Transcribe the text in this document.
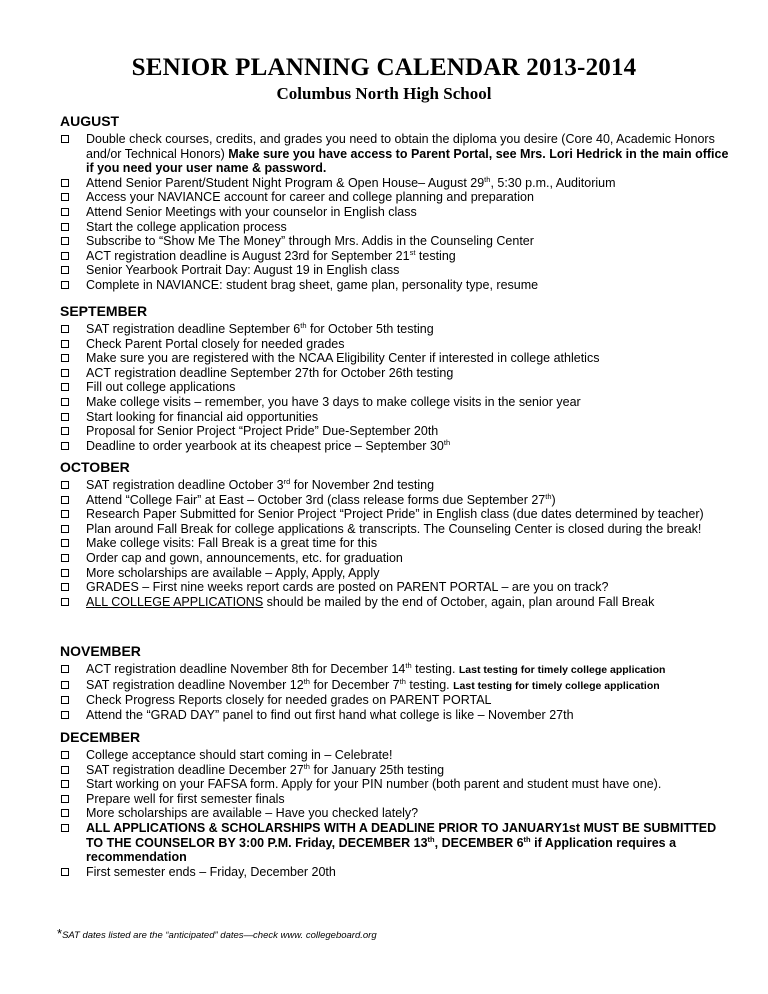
SENIOR PLANNING CALENDAR 2013-2014
Columbus North High School
AUGUST
Double check courses, credits, and grades you need to obtain the diploma you desire (Core 40, Academic Honors and/or Technical Honors) Make sure you have access to Parent Portal, see Mrs. Lori Hedrick in the main office if you need your user name & password.
Attend Senior Parent/Student Night Program & Open House– August 29th, 5:30 p.m., Auditorium
Access your NAVIANCE account for career and college planning and preparation
Attend Senior Meetings with your counselor in English class
Start the college application process
Subscribe to “Show Me The Money” through Mrs. Addis in the Counseling Center
ACT registration deadline is August 23rd for September 21st testing
Senior Yearbook Portrait Day: August 19 in English class
Complete in NAVIANCE: student brag sheet, game plan, personality type, resume
SEPTEMBER
SAT registration deadline September 6th for October 5th testing
Check Parent Portal closely for needed grades
Make sure you are registered with the NCAA Eligibility Center if interested in college athletics
ACT registration deadline September 27th for October 26th testing
Fill out college applications
Make college visits – remember, you have 3 days to make college visits in the senior year
Start looking for financial aid opportunities
Proposal for Senior Project “Project Pride” Due-September 20th
Deadline to order yearbook at its cheapest price – September 30th
OCTOBER
SAT registration deadline October 3rd for November 2nd testing
Attend “College Fair” at East – October 3rd (class release forms due September 27th)
Research Paper Submitted for Senior Project “Project Pride” in English class (due dates determined by teacher)
Plan around Fall Break for college applications & transcripts. The Counseling Center is closed during the break!
Make college visits: Fall Break is a great time for this
Order cap and gown, announcements, etc. for graduation
More scholarships are available – Apply, Apply, Apply
GRADES – First nine weeks report cards are posted on PARENT PORTAL – are you on track?
ALL COLLEGE APPLICATIONS should be mailed by the end of October, again, plan around Fall Break
NOVEMBER
ACT registration deadline November 8th for December 14th testing. Last testing for timely college application
SAT registration deadline November 12th for December 7th testing. Last testing for timely college application
Check Progress Reports closely for needed grades on PARENT PORTAL
Attend the “GRAD DAY” panel to find out first hand what college is like – November 27th
DECEMBER
College acceptance should start coming in – Celebrate!
SAT registration deadline December 27th for January 25th testing
Start working on your FAFSA form. Apply for your PIN number (both parent and student must have one).
Prepare well for first semester finals
More scholarships are available – Have you checked lately?
ALL APPLICATIONS & SCHOLARSHIPS WITH A DEADLINE PRIOR TO JANUARY1st MUST BE SUBMITTED TO THE COUNSELOR BY 3:00 P.M. Friday, DECEMBER 13th, DECEMBER 6th if Application requires a recommendation
First semester ends – Friday, December 20th
*SAT dates listed are the “anticipated” dates—check www. collegeboard.org
